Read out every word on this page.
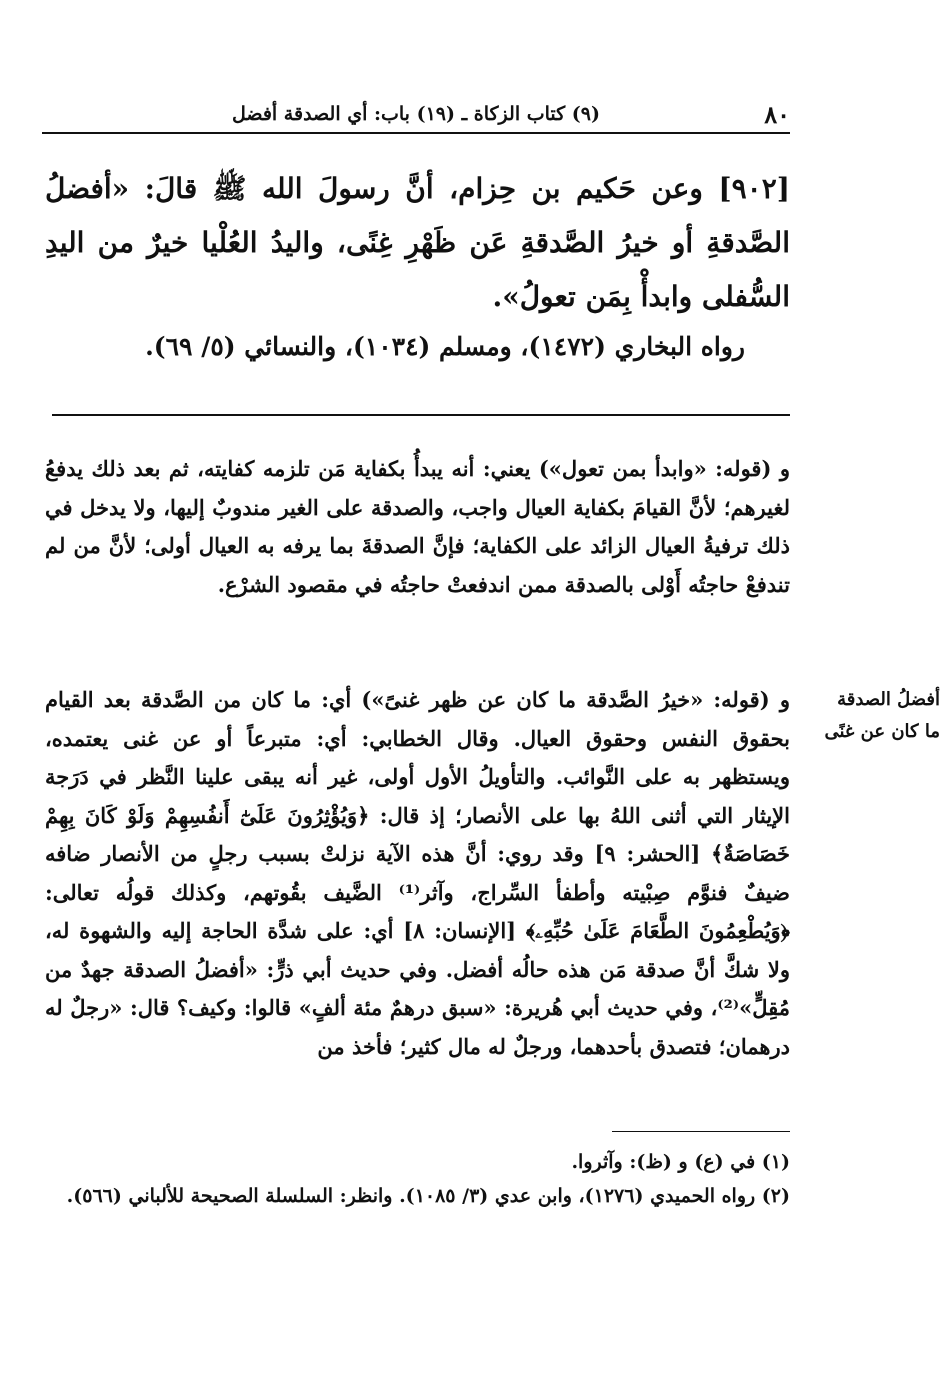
٨٠
(٩) كتاب الزكاة ـ (١٩) باب: أي الصدقة أفضل
[٩٠٢] وعن حَكيم بن حِزام، أنَّ رسولَ الله ﷺ قالَ: «أفضلُ الصَّدقةِ أو خيرُ الصَّدقةِ عَن ظَهْرِ غِنًى، واليدُ العُلْيا خيرٌ من اليدِ السُّفلى وابدأْ بِمَن تعولُ».
رواه البخاري (١٤٧٢)، ومسلم (١٠٣٤)، والنسائي (٥/ ٦٩).

و (قوله: «وابدأ بمن تعول») يعني: أنه يبدأُ بكفاية مَن تلزمه كفايته، ثم بعد ذلك يدفعُ لغيرهم؛ لأنَّ القيامَ بكفاية العيال واجب، والصدقة على الغير مندوبٌ إليها، ولا يدخل في ذلك ترفيةُ العيال الزائد على الكفاية؛ فإنَّ الصدقةَ بما يرفه به العيال أولى؛ لأنَّ من لم تندفعْ حاجتُه أَوْلى بالصدقة ممن اندفعتْ حاجتُه في مقصود الشرْع.

أفضلُ الصدقة
ما كان عن غنًى

و (قوله: «خيرُ الصَّدقة ما كان عن ظهر غنىً») أي: ما كان من الصَّدقة بعد القيام بحقوق النفس وحقوق العيال. وقال الخطابي: أي: متبرعاً أو عن غنى يعتمده، ويستظهر به على النَّوائب. والتأويلُ الأول أولى، غير أنه يبقى علينا النَّظر في دَرَجة الإيثار التي أثنى اللهُ بها على الأنصار؛ إذ قال: ﴿وَيُؤْثِرُونَ عَلَىٰٓ أَنفُسِهِمْ وَلَوْ كَانَ بِهِمْ خَصَاصَةٌ﴾ [الحشر: ٩] وقد روي: أنَّ هذه الآية نزلتْ بسبب رجلٍ من الأنصار ضافه ضيفٌ فنوَّم صِبْيته وأطفأ السِّراج، وآثر⁽¹⁾ الضَّيف بقُوتهم، وكذلك قولُه تعالى: ﴿وَيُطْعِمُونَ الطَّعَامَ عَلَىٰ حُبِّهِۦ﴾ [الإنسان: ٨] أي: على شدَّة الحاجة إليه والشهوة له، ولا شكَّ أنَّ صدقة مَن هذه حالُه أفضل. وفي حديث أبي ذرٍّ: «أفضلُ الصدقة جهدٌ من مُقِلٍّ»⁽²⁾، وفي حديث أبي هُريرة: «سبق درهمٌ مئة ألفٍ» قالوا: وكيف؟ قال: «رجلٌ له درهمان؛ فتصدق بأحدهما، ورجلٌ له مال كثير؛ فأخذ من

(١) في (ع) و (ظ): وآثروا.

(٢) رواه الحميدي (١٢٧٦)، وابن عدي (٣/ ١٠٨٥). وانظر: السلسلة الصحيحة للألباني (٥٦٦).
